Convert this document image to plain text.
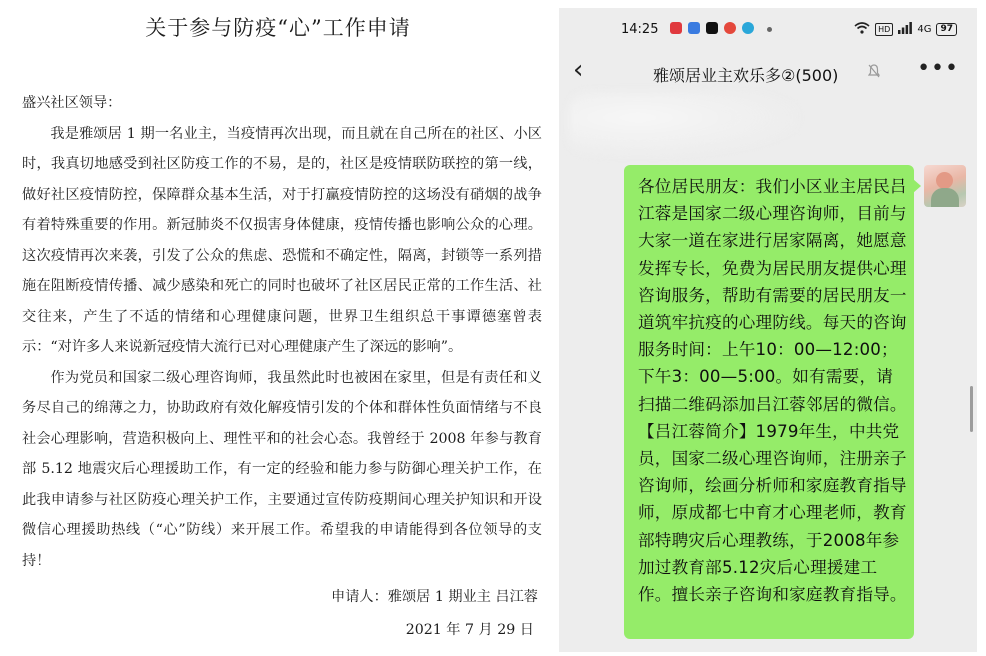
关于参与防疫“心”工作申请

盛兴社区领导：

我是雅颂居 1 期一名业主，当疫情再次出现，而且就在自己所在的社区、小区时，我真切地感受到社区防疫工作的不易，是的，社区是疫情联防联控的第一线，做好社区疫情防控，保障群众基本生活，对于打赢疫情防控的这场没有硝烟的战争有着特殊重要的作用。新冠肺炎不仅损害身体健康，疫情传播也影响公众的心理。这次疫情再次来袭，引发了公众的焦虑、恐慌和不确定性，隔离，封锁等一系列措施在阻断疫情传播、减少感染和死亡的同时也破坏了社区居民正常的工作生活、社交往来，产生了不适的情绪和心理健康问题，世界卫生组织总干事谭德塞曾表示：“对许多人来说新冠疫情大流行已对心理健康产生了深远的影响”。

作为党员和国家二级心理咨询师，我虽然此时也被困在家里，但是有责任和义务尽自己的绵薄之力，协助政府有效化解疫情引发的个体和群体性负面情绪与不良社会心理影响，营造积极向上、理性平和的社会心态。我曾经于 2008 年参与教育部 5.12 地震灾后心理援助工作，有一定的经验和能力参与防御心理关护工作，在此我申请参与社区防疫心理关护工作，主要通过宣传防疫期间心理关护知识和开设微信心理援助热线（“心”防线）来开展工作。希望我的申请能得到各位领导的支持！

申请人：雅颂居 1 期业主 吕江蓉
2021 年 7 月 29 日
14:25	HD	4G	97
‹	雅颂居业主欢乐多②(500)	•••

各位居民朋友：我们小区业主居民吕江蓉是国家二级心理咨询师，目前与大家一道在家进行居家隔离，她愿意发挥专长，免费为居民朋友提供心理咨询服务，帮助有需要的居民朋友一道筑牢抗疫的心理防线。每天的咨询服务时间：上午10：00—12:00；下午3：00—5:00。如有需要，请扫描二维码添加吕江蓉邻居的微信。

【吕江蓉简介】1979年生，中共党员，国家二级心理咨询师，注册亲子咨询师，绘画分析师和家庭教育指导师，原成都七中育才心理老师，教育部特聘灾后心理教练，于2008年参加过教育部5.12灾后心理援建工作。擅长亲子咨询和家庭教育指导。
